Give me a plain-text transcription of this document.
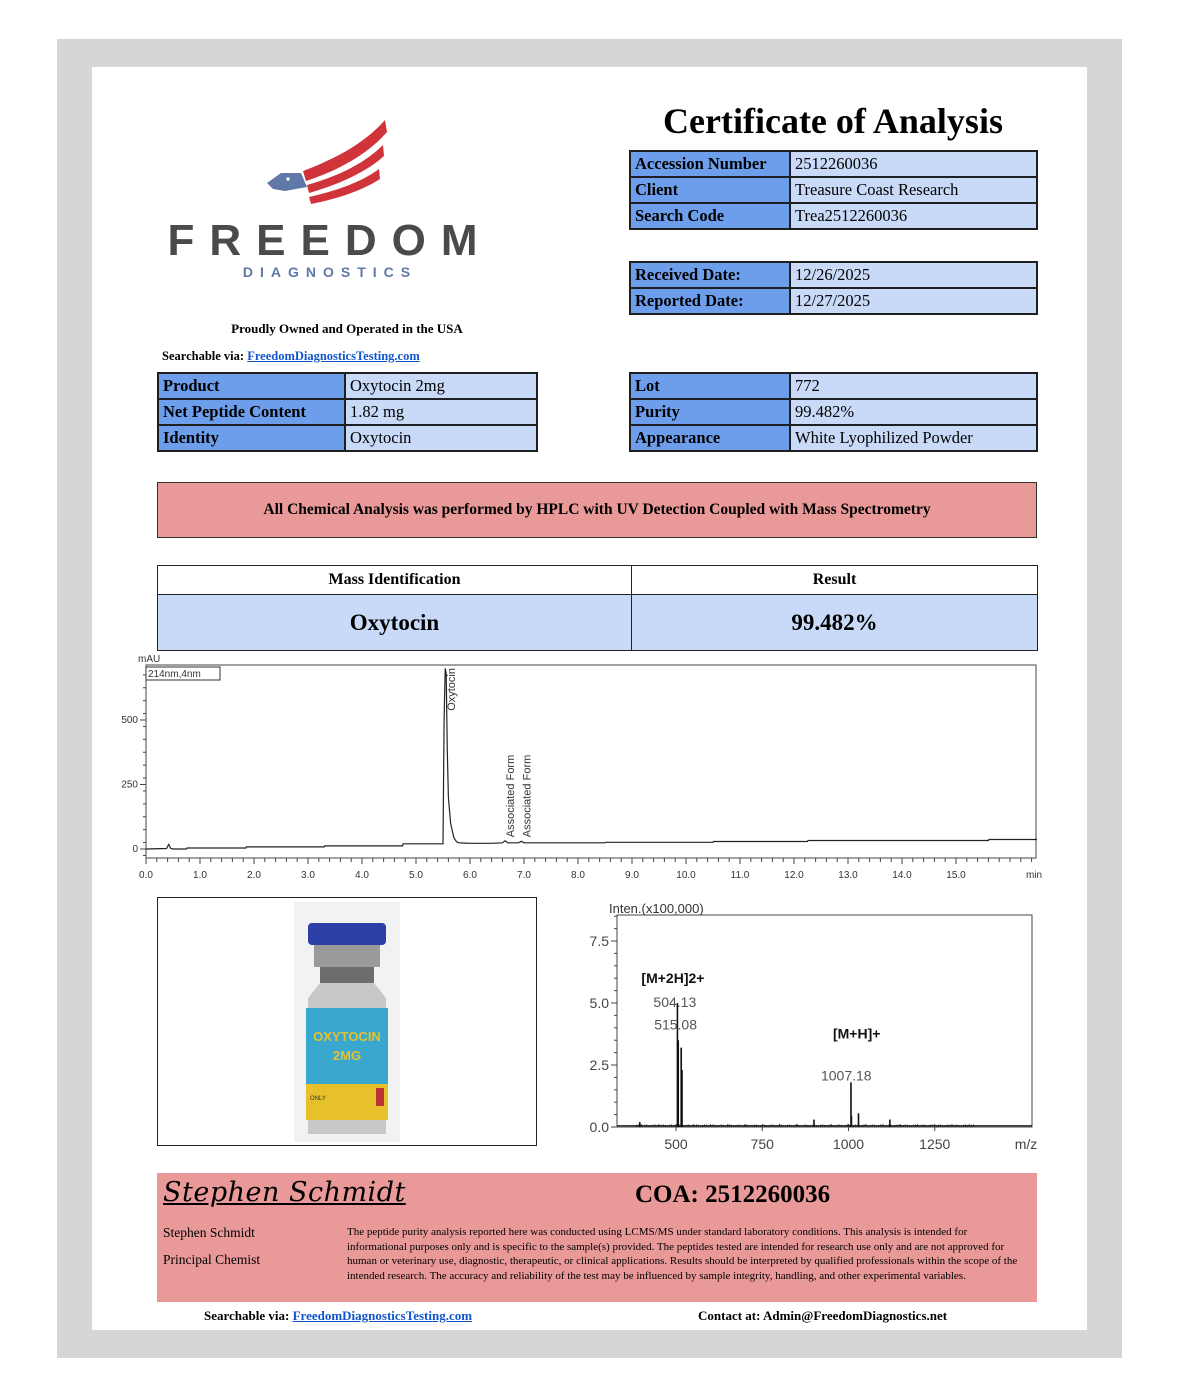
FREEDOM
DIAGNOSTICS
Proudly Owned and Operated in the USA
Searchable via: FreedomDiagnosticsTesting.com
Certificate of Analysis
Accession Number	2512260036
Client	Treasure Coast Research
Search Code	Trea2512260036
Received Date:	12/26/2025
Reported Date:	12/27/2025
Product	Oxytocin 2mg
Net Peptide Content	1.82 mg
Identity	Oxytocin
Lot	772
Purity	99.482%
Appearance	White Lyophilized Powder
All Chemical Analysis was performed by HPLC with UV Detection Coupled with Mass Spectrometry
Mass Identification	Result
Oxytocin	99.482%
mAU
214nm,4nm
0.0	1.0	2.0	3.0	4.0	5.0	6.0	7.0	8.0	9.0	10.0	11.0	12.0	13.0	14.0	15.0	min
0
250
500
Oxytocin
Associated Form Associated Form
OXYTOCIN
2MG
ONLY
Inten.(x100,000)
0.0
2.5
5.0
7.5
500	750	1000	1250	m/z
[M+2H]2+
504.13
515.08
[M+H]+
1007.18
Stephen Schmidt
Stephen Schmidt
Principal Chemist
COA: 2512260036
The peptide purity analysis reported here was conducted using LCMS/MS under standard laboratory conditions. This analysis is intended for informational purposes only and is specific to the sample(s) provided. The peptides tested are intended for research use only and are not approved for human or veterinary use, diagnostic, therapeutic, or clinical applications. Results should be interpreted by qualified professionals within the scope of the intended research. The accuracy and reliability of the test may be influenced by sample integrity, handling, and other experimental variables.
Searchable via: FreedomDiagnosticsTesting.com	Contact at: Admin@FreedomDiagnostics.net
